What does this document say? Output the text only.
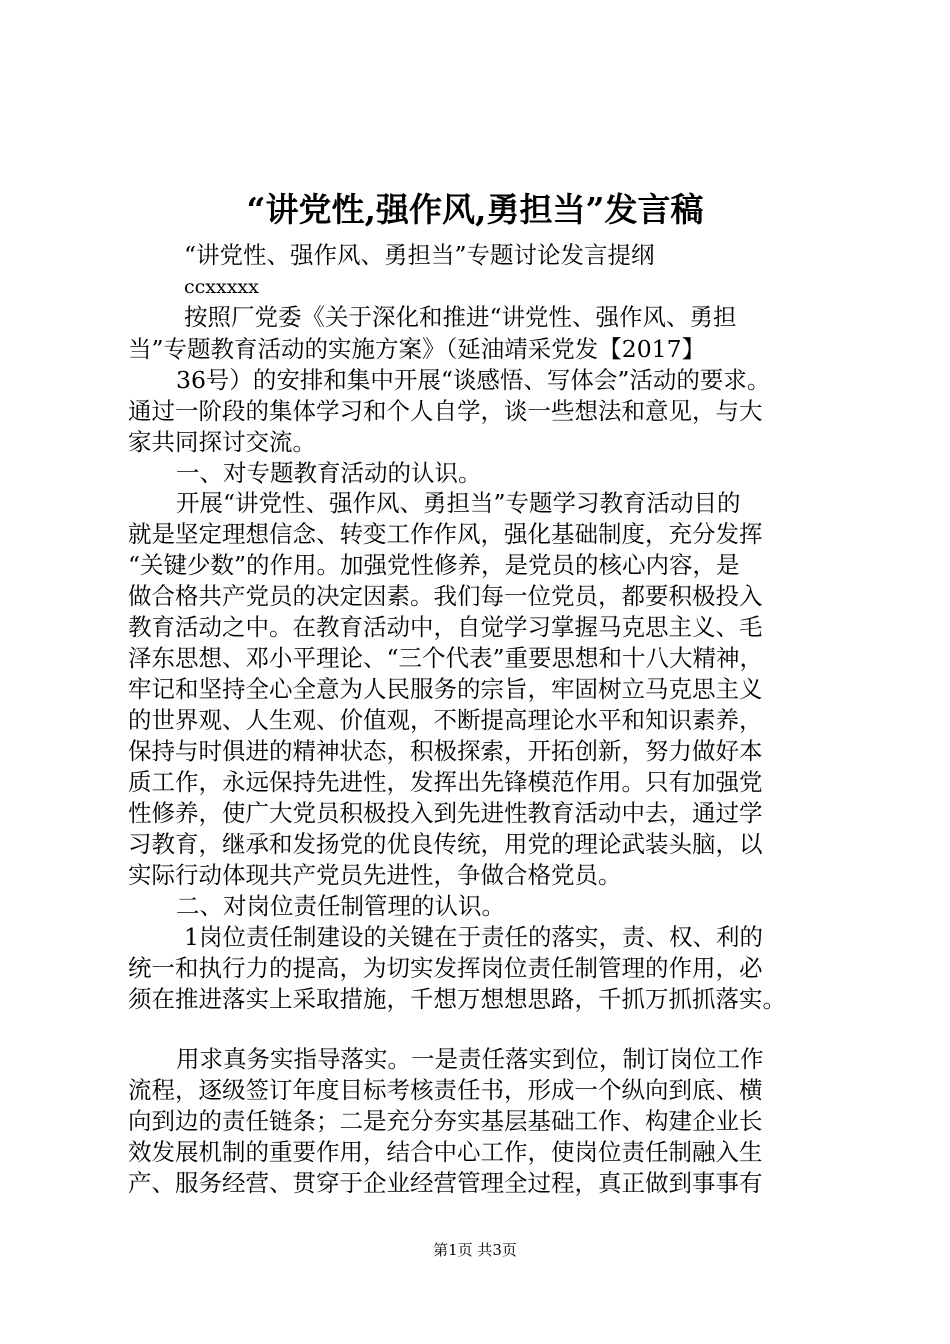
“讲党性,强作风,勇担当”发言稿
“讲党性、强作风、勇担当”专题讨论发言提纲
ccxxxxx
按照厂党委《关于深化和推进“讲党性、强作风、勇担
当”专题教育活动的实施方案》（延油靖采党发【2017】
36号）的安排和集中开展“谈感悟、写体会”活动的要求。
通过一阶段的集体学习和个人自学，谈一些想法和意见，与大
家共同探讨交流。
一、对专题教育活动的认识。
开展“讲党性、强作风、勇担当”专题学习教育活动目的
就是坚定理想信念、转变工作作风，强化基础制度，充分发挥
“关键少数”的作用。加强党性修养，是党员的核心内容，是
做合格共产党员的决定因素。我们每一位党员，都要积极投入
教育活动之中。在教育活动中，自觉学习掌握马克思主义、毛
泽东思想、邓小平理论、“三个代表”重要思想和十八大精神，
牢记和坚持全心全意为人民服务的宗旨，牢固树立马克思主义
的世界观、人生观、价值观，不断提高理论水平和知识素养，
保持与时俱进的精神状态，积极探索，开拓创新，努力做好本
质工作，永远保持先进性，发挥出先锋模范作用。只有加强党
性修养，使广大党员积极投入到先进性教育活动中去，通过学
习教育，继承和发扬党的优良传统，用党的理论武装头脑，以
实际行动体现共产党员先进性，争做合格党员。
二、对岗位责任制管理的认识。
1岗位责任制建设的关键在于责任的落实，责、权、利的
统一和执行力的提高，为切实发挥岗位责任制管理的作用，必
须在推进落实上采取措施，千想万想想思路，千抓万抓抓落实。
用求真务实指导落实。一是责任落实到位，制订岗位工作
流程，逐级签订年度目标考核责任书，形成一个纵向到底、横
向到边的责任链条；二是充分夯实基层基础工作、构建企业长
效发展机制的重要作用，结合中心工作，使岗位责任制融入生
产、服务经营、贯穿于企业经营管理全过程，真正做到事事有
第1页 共3页
